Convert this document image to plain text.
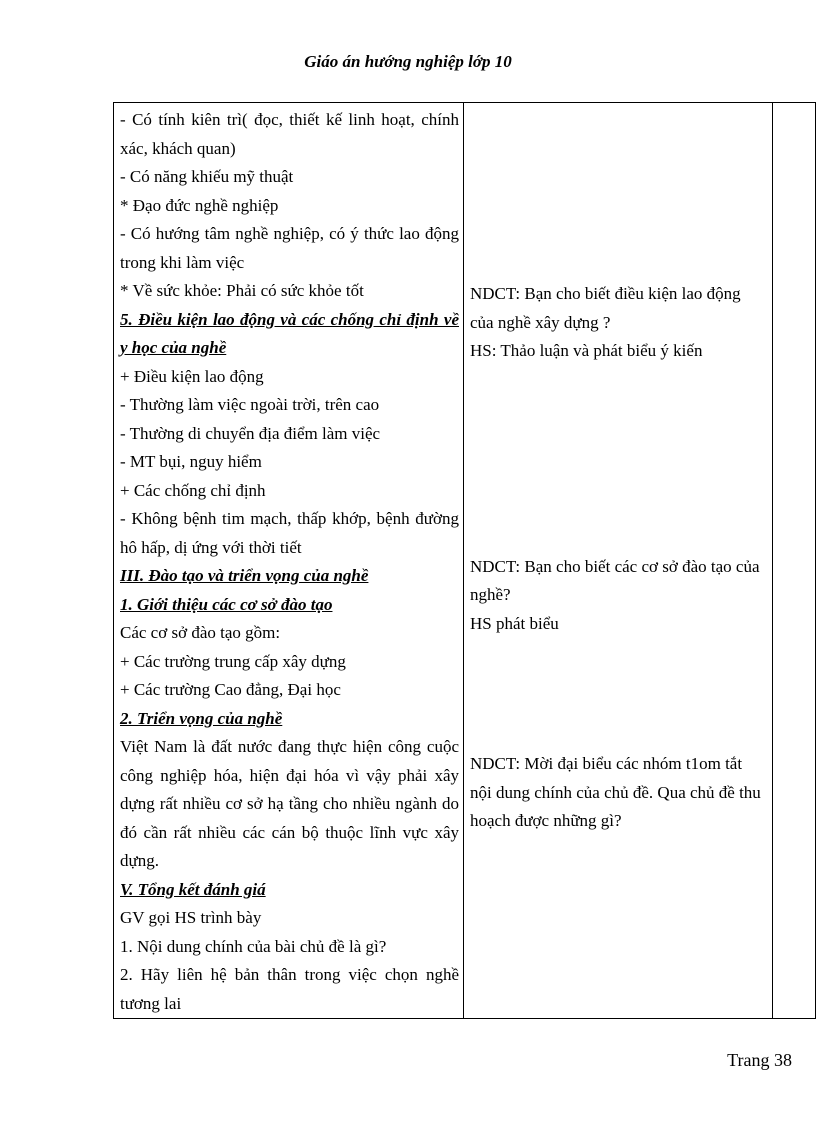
Giáo án hướng nghiệp lớp 10
- Có tính kiên trì( đọc, thiết kế linh hoạt, chính xác, khách quan)
- Có năng khiếu mỹ thuật
* Đạo đức nghề nghiệp
- Có hướng tâm nghề nghiệp, có ý thức lao động trong khi làm việc
* Về sức khỏe: Phải có sức khỏe tốt
5. Điều kiện lao động và các chống chỉ định về y học của nghề
+ Điều kiện lao động
- Thường làm việc ngoài trời, trên cao
- Thường di chuyển địa điểm làm việc
- MT bụi, nguy hiểm
+ Các chống chỉ định
- Không bệnh tim mạch, thấp khớp, bệnh đường hô hấp, dị ứng với thời tiết
III. Đào tạo và triển vọng của nghề
1. Giới thiệu các cơ sở đào tạo
Các cơ sở đào tạo gồm:
+ Các trường trung cấp xây dựng
+ Các trường Cao đẳng, Đại học
2. Triển vọng của nghề
Việt Nam là đất nước đang thực hiện công cuộc công nghiệp hóa, hiện đại hóa vì vậy phải xây dựng rất nhiều cơ sở hạ tầng cho nhiều ngành do đó cần rất nhiều các cán bộ thuộc lĩnh vực xây dựng.
V. Tổng kết đánh giá
GV gọi HS trình bày
1. Nội dung chính của bài chủ đề là gì?
2. Hãy liên hệ bản thân trong việc chọn nghề tương lai

NDCT: Bạn cho biết điều kiện lao động của nghề xây dựng ?
HS: Thảo luận và phát biểu ý kiến
NDCT: Bạn cho biết các cơ sở đào tạo của nghề?
HS phát biểu
NDCT: Mời đại biểu các nhóm t1om tắt nội dung chính của chủ đề. Qua chủ đề thu hoạch được những gì?

Trang 38
